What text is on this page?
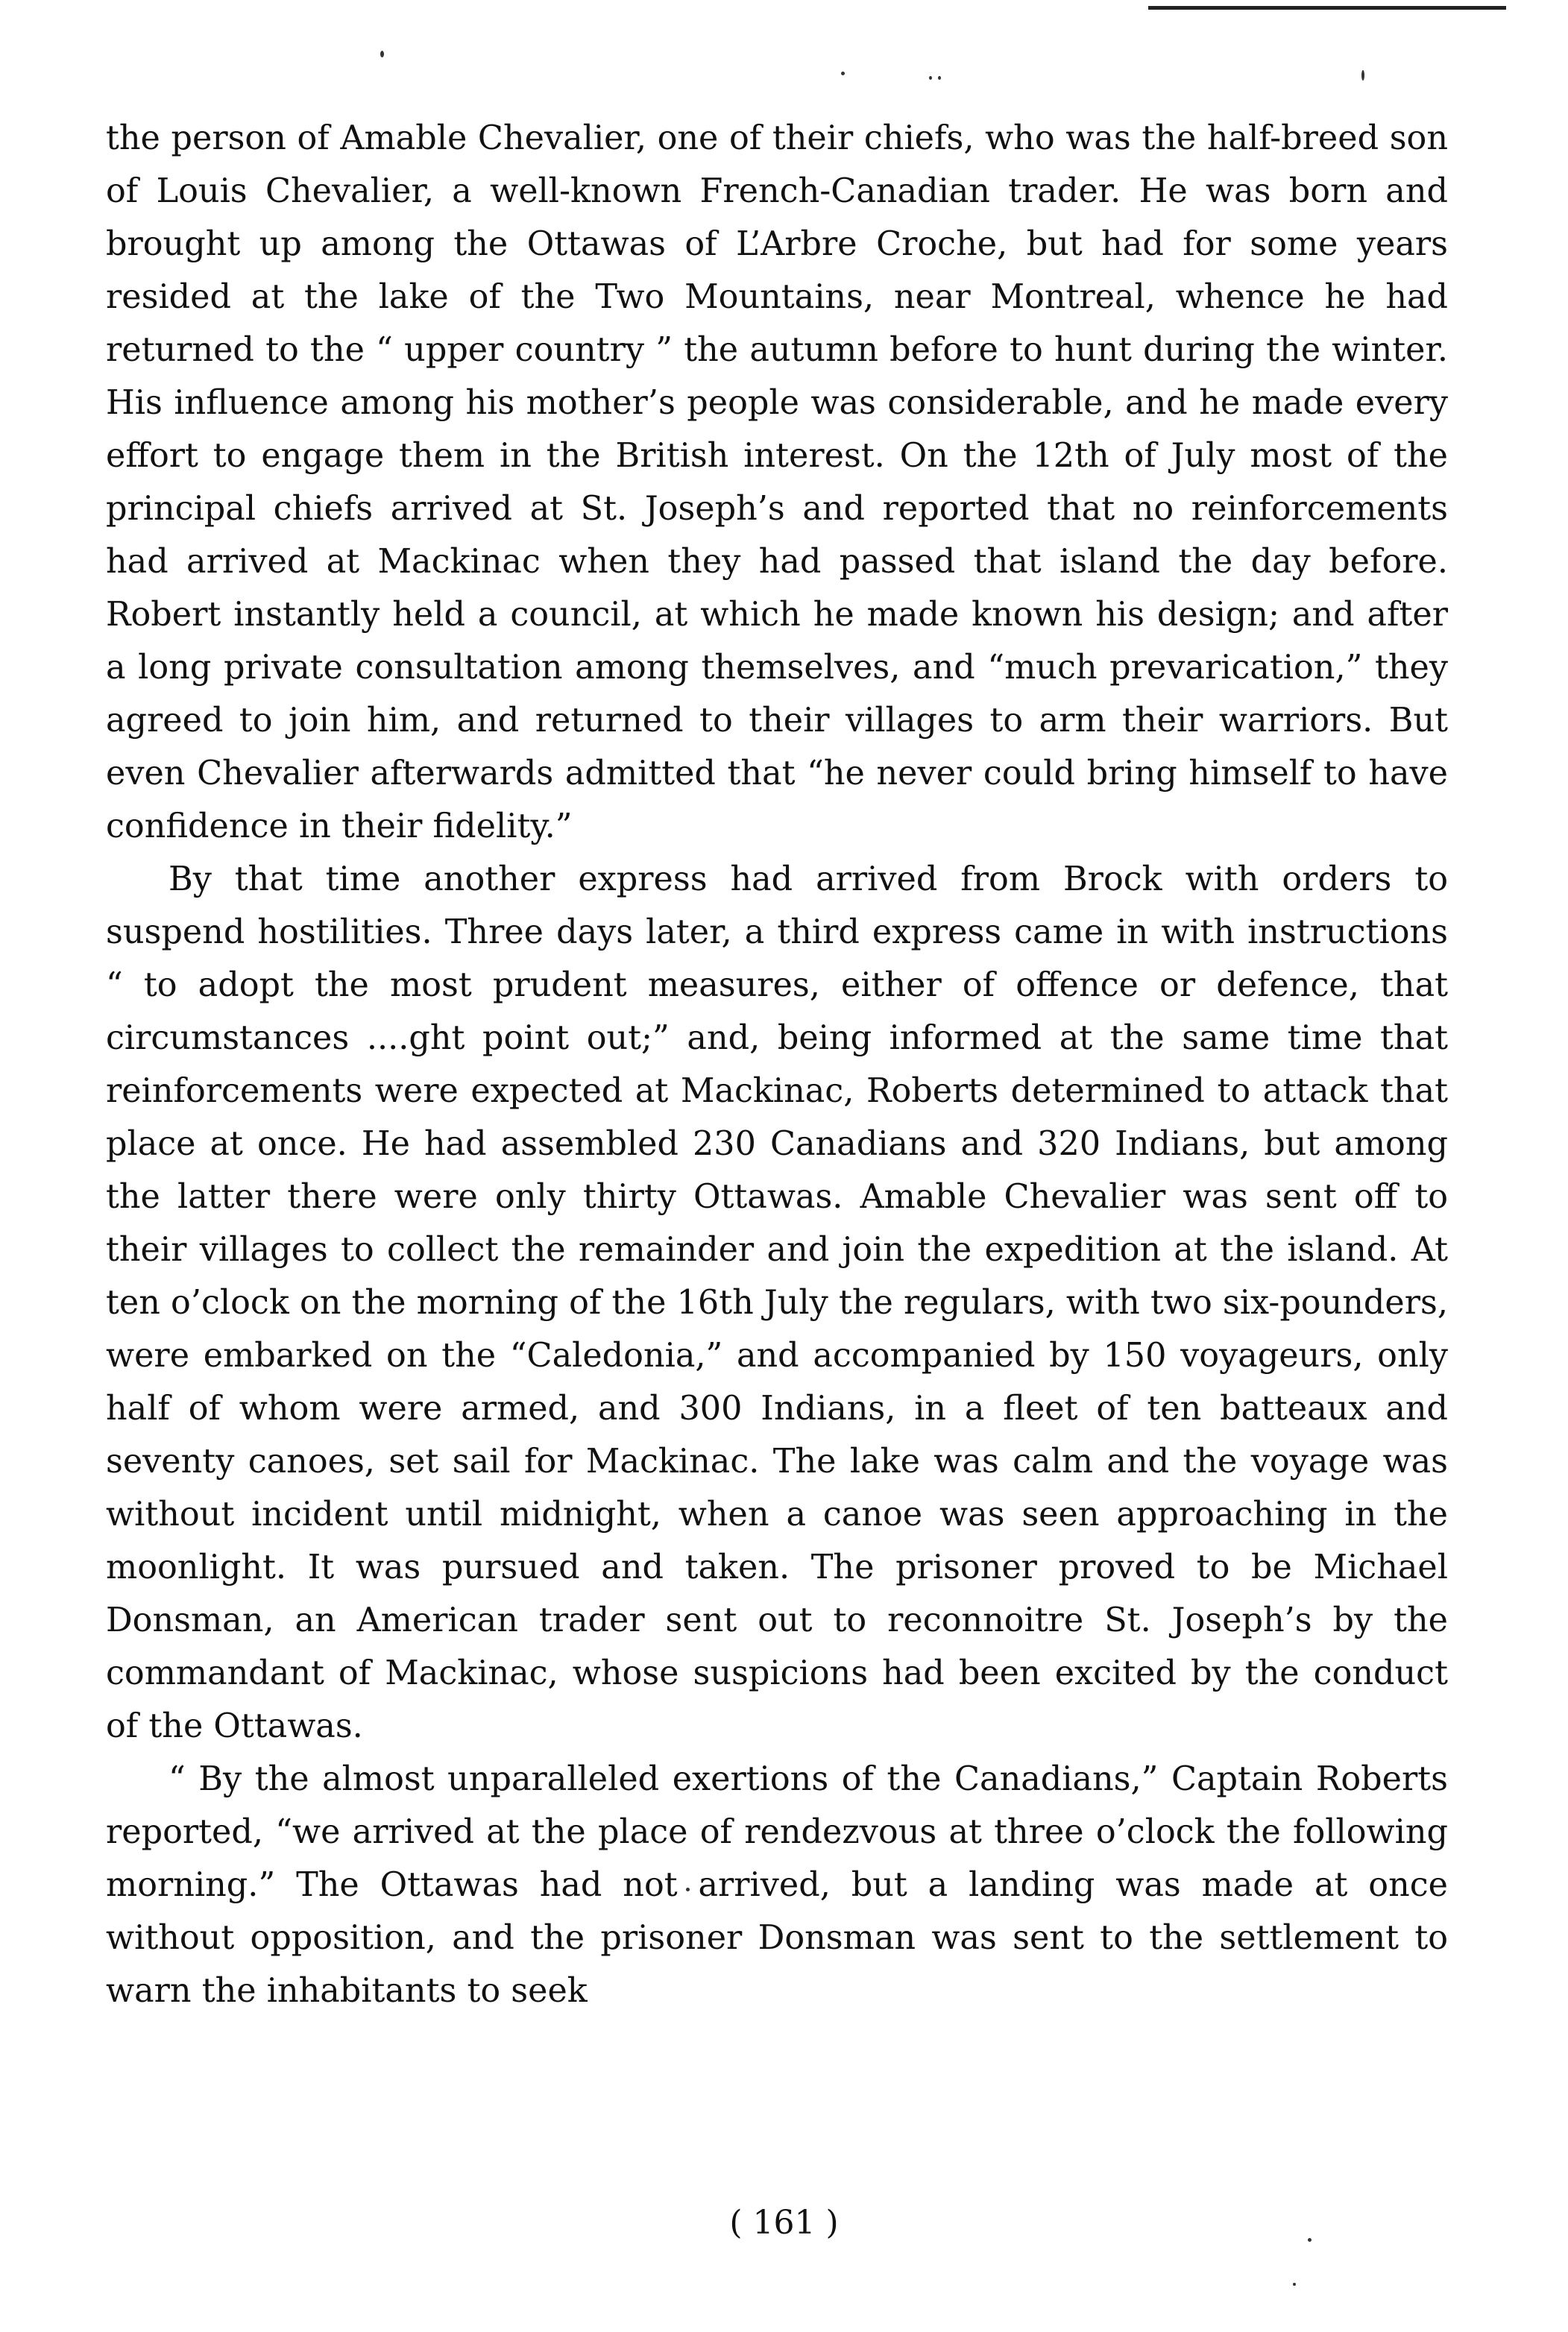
the person of Amable Chevalier, one of their chiefs, who was the half-breed son of Louis Chevalier, a well-known French-Canadian trader. He was born and brought up among the Ottawas of L’Arbre Croche, but had for some years resided at the lake of the Two Mountains, near Montreal, whence he had returned to the “ upper country ” the autumn before to hunt during the winter. His influence among his mother’s people was considerable, and he made every effort to engage them in the British interest. On the 12th of July most of the principal chiefs arrived at St. Joseph’s and reported that no reinforcements had arrived at Mackinac when they had passed that island the day before. Robert instantly held a council, at which he made known his design; and after a long private consultation among themselves, and “much prevarication,” they agreed to join him, and returned to their villages to arm their warriors. But even Chevalier afterwards admitted that “he never could bring himself to have confidence in their fidelity.”

By that time another express had arrived from Brock with orders to suspend hostilities. Three days later, a third express came in with instructions “ to adopt the most prudent measures, either of offence or defence, that circumstances ....ght point out;” and, being informed at the same time that reinforcements were expected at Mackinac, Roberts determined to attack that place at once. He had assembled 230 Canadians and 320 Indians, but among the latter there were only thirty Ottawas. Amable Chevalier was sent off to their villages to collect the remainder and join the expedition at the island. At ten o’clock on the morning of the 16th July the regulars, with two six-pounders, were embarked on the “Caledonia,” and accompanied by 150 voyageurs, only half of whom were armed, and 300 Indians, in a fleet of ten batteaux and seventy canoes, set sail for Mackinac. The lake was calm and the voyage was without incident until midnight, when a canoe was seen approaching in the moonlight. It was pursued and taken. The prisoner proved to be Michael Donsman, an American trader sent out to reconnoitre St. Joseph’s by the commandant of Mackinac, whose suspicions had been excited by the conduct of the Ottawas.

“ By the almost unparalleled exertions of the Canadians,” Captain Roberts reported, “we arrived at the place of rendezvous at three o’clock the following morning.” The Ottawas had not arrived, but a landing was made at once without opposition, and the prisoner Donsman was sent to the settlement to warn the inhabitants to seek

( 161 )
